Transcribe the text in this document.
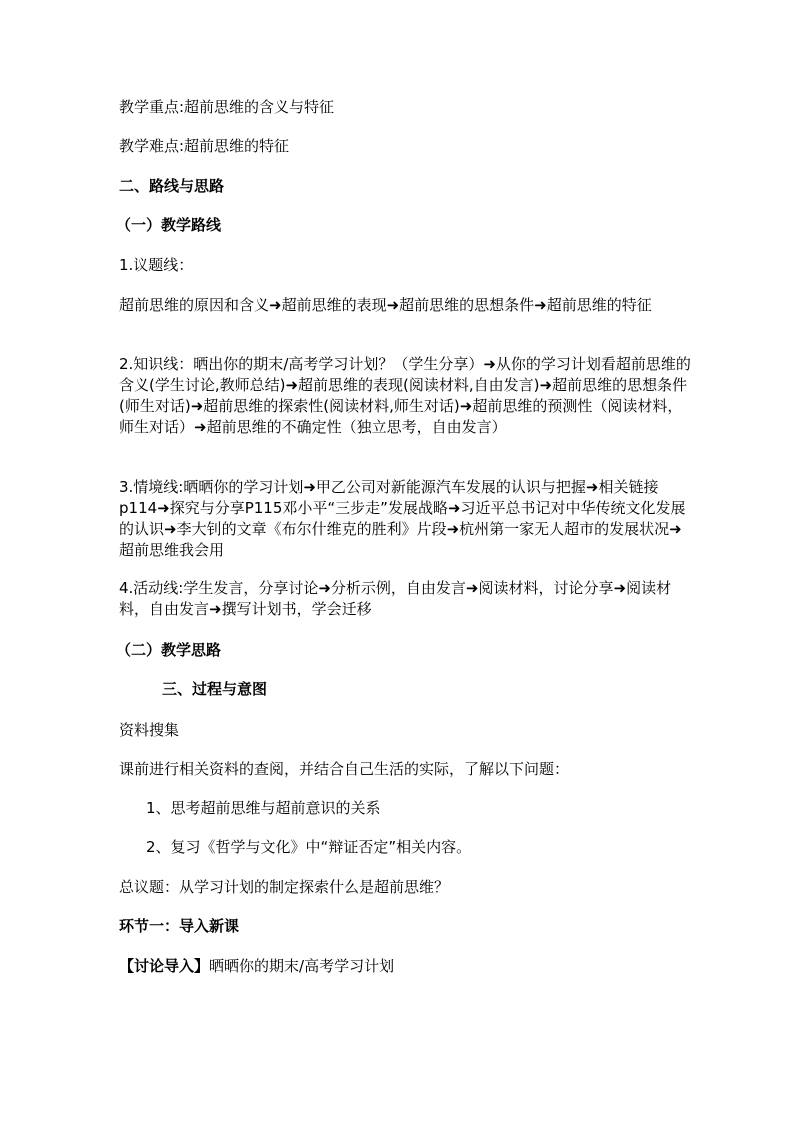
教学重点:超前思维的含义与特征

教学难点:超前思维的特征

二、路线与思路

（一）教学路线

1.议题线：

超前思维的原因和含义➜超前思维的表现➜超前思维的思想条件➜超前思维的特征

2.知识线：晒出你的期末/高考学习计划？（学生分享）➜从你的学习计划看超前思维的含义(学生讨论,教师总结)➜超前思维的表现(阅读材料,自由发言)➜超前思维的思想条件(师生对话)➜超前思维的探索性(阅读材料,师生对话)➜超前思维的预测性（阅读材料，师生对话）➜超前思维的不确定性（独立思考，自由发言）

3.情境线:晒晒你的学习计划➜甲乙公司对新能源汽车发展的认识与把握➜相关链接p114➜探究与分享P115邓小平“三步走”发展战略➜习近平总书记对中华传统文化发展的认识➜李大钊的文章《布尔什维克的胜利》片段➜杭州第一家无人超市的发展状况➜超前思维我会用

4.活动线:学生发言，分享讨论➜分析示例，自由发言➜阅读材料，讨论分享➜阅读材料，自由发言➜撰写计划书，学会迁移

（二）教学思路

三、过程与意图

资料搜集

课前进行相关资料的查阅，并结合自己生活的实际，了解以下问题：

1、思考超前思维与超前意识的关系

2、复习《哲学与文化》中“辩证否定”相关内容。

总议题：从学习计划的制定探索什么是超前思维？

环节一：导入新课

【讨论导入】晒晒你的期末/高考学习计划
